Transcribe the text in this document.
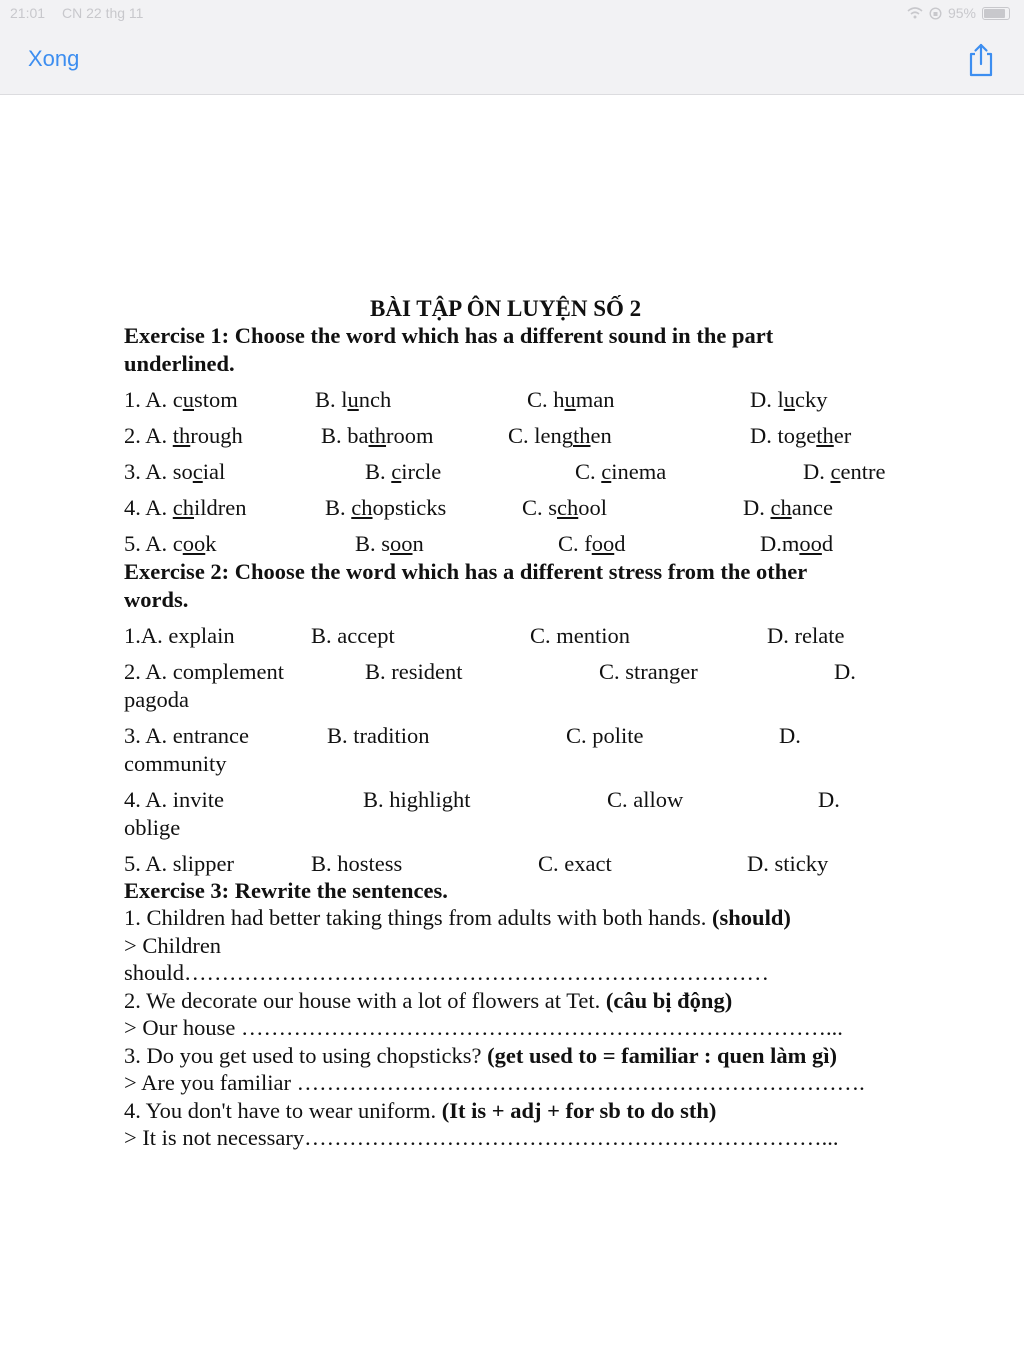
21:01 CN 22 thg 11	95%
Xong
BÀI TẬP ÔN LUYỆN SỐ 2
Exercise 1: Choose the word which has a different sound in the part
underlined.
1. A. custom	B. lunch	C. human	D. lucky
2. A. through	B. bathroom	C. lengthen	D. together
3. A. social	B. circle	C. cinema	D. centre
4. A. children	B. chopsticks	C. school	D. chance
5. A. cook	B. soon	C. food	D.mood
Exercise 2: Choose the word which has a different stress from the other
words.
1.A. explain	B. accept	C. mention	D. relate
2. A. complement	B. resident	C. stranger	D.
pagoda
3. A. entrance	B. tradition	C. polite	D.
community
4. A. invite	B. highlight	C. allow	D.
oblige
5. A. slipper	B. hostess	C. exact	D. sticky
Exercise 3: Rewrite the sentences.
1. Children had better taking things from adults with both hands. (should)
> Children
should……………………………………………………………………
2. We decorate our house with a lot of flowers at Tet. (câu bị động)
> Our house ……………………………………………………………………...
3. Do you get used to using chopsticks? (get used to = familiar : quen làm gì)
> Are you familiar ………………………………………………………………….
4. You don't have to wear uniform. (It is + adj + for sb to do sth)
> It is not necessary……………………………………………………………...
